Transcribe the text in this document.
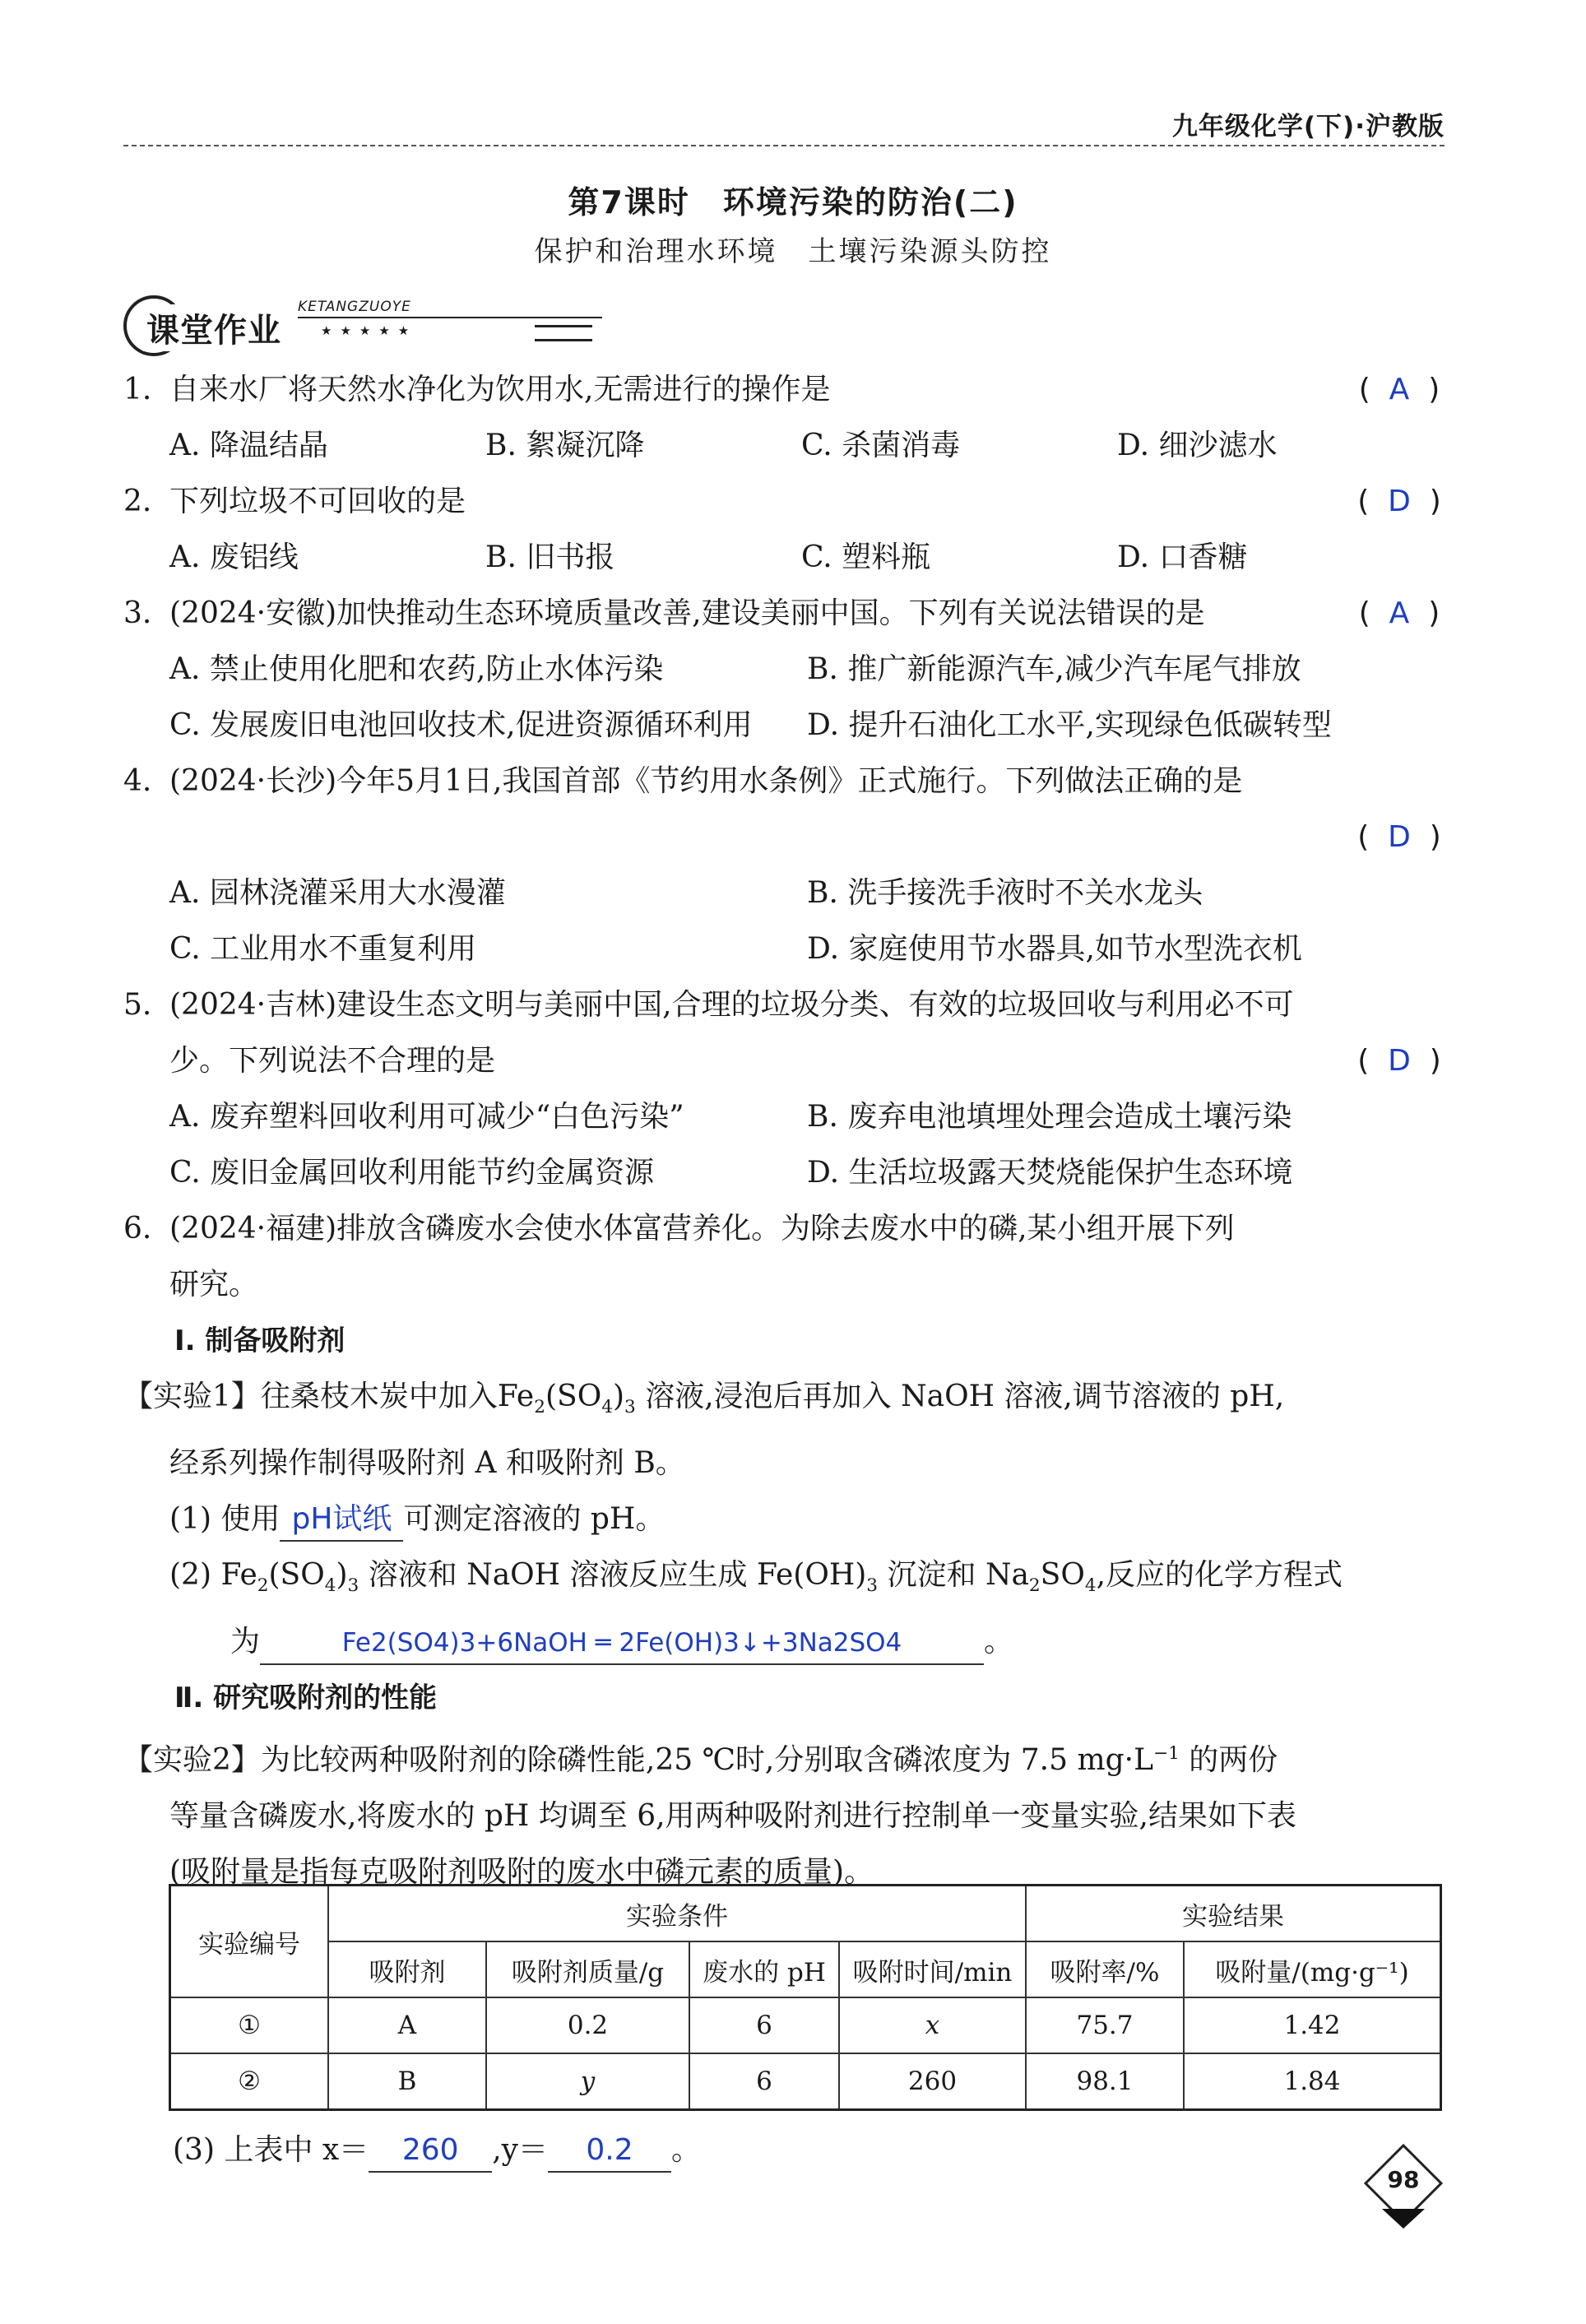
九年级化学(下)·沪教版
第7课时　环境污染的防治(二)
保护和治理水环境　土壤污染源头防控
课堂作业
KETANGZUOYE
★★★★★
1. 自来水厂将天然水净化为饮用水,无需进行的操作是	(  A  )
A. 降温结晶	B. 絮凝沉降	C. 杀菌消毒	D. 细沙滤水
2. 下列垃圾不可回收的是	(  D  )
A. 废铝线	B. 旧书报	C. 塑料瓶	D. 口香糖
3. (2024·安徽)加快推动生态环境质量改善,建设美丽中国。下列有关说法错误的是	(  A  )
A. 禁止使用化肥和农药,防止水体污染	B. 推广新能源汽车,减少汽车尾气排放
C. 发展废旧电池回收技术,促进资源循环利用	D. 提升石油化工水平,实现绿色低碳转型
4. (2024·长沙)今年5月1日,我国首部《节约用水条例》正式施行。下列做法正确的是
(  D  )
A. 园林浇灌采用大水漫灌	B. 洗手接洗手液时不关水龙头
C. 工业用水不重复利用	D. 家庭使用节水器具,如节水型洗衣机
5. (2024·吉林)建设生态文明与美丽中国,合理的垃圾分类、有效的垃圾回收与利用必不可
少。下列说法不合理的是	(  D  )
A. 废弃塑料回收利用可减少“白色污染”	B. 废弃电池填埋处理会造成土壤污染
C. 废旧金属回收利用能节约金属资源	D. 生活垃圾露天焚烧能保护生态环境
6. (2024·福建)排放含磷废水会使水体富营养化。为除去废水中的磷,某小组开展下列
研究。
Ⅰ. 制备吸附剂
【实验1】往桑枝木炭中加入$Fe_2(SO_4)_3$ 溶液,浸泡后再加入 NaOH 溶液,调节溶液的 pH,
经系列操作制得吸附剂 A 和吸附剂 B。
(1) 使用 pH试纸 可测定溶液的 pH。
(2) $Fe_2(SO_4)_3$ 溶液和 NaOH 溶液反应生成 $Fe(OH)_3$ 沉淀和 $Na_2SO_4$,反应的化学方程式
为	Fe2(SO4)3+6NaOH ═ 2Fe(OH)3↓+3Na2SO4	。
Ⅱ. 研究吸附剂的性能
【实验2】为比较两种吸附剂的除磷性能,25 ℃时,分别取含磷浓度为 7.5 $mg\cdot L^{-1}$ 的两份
等量含磷废水,将废水的 pH 均调至 6,用两种吸附剂进行控制单一变量实验,结果如下表
(吸附量是指每克吸附剂吸附的废水中磷元素的质量)。
实验编号	实验条件				实验结果	
	吸附剂	吸附剂质量/g	废水的 pH	吸附时间/min	吸附率/%	吸附量/(mg·g⁻¹)
①	A	0.2	6	x	75.7	1.42
②	B	y	6	260	98.1	1.84
(3) 上表中 x＝ 260 ,y＝ 0.2 。
98
